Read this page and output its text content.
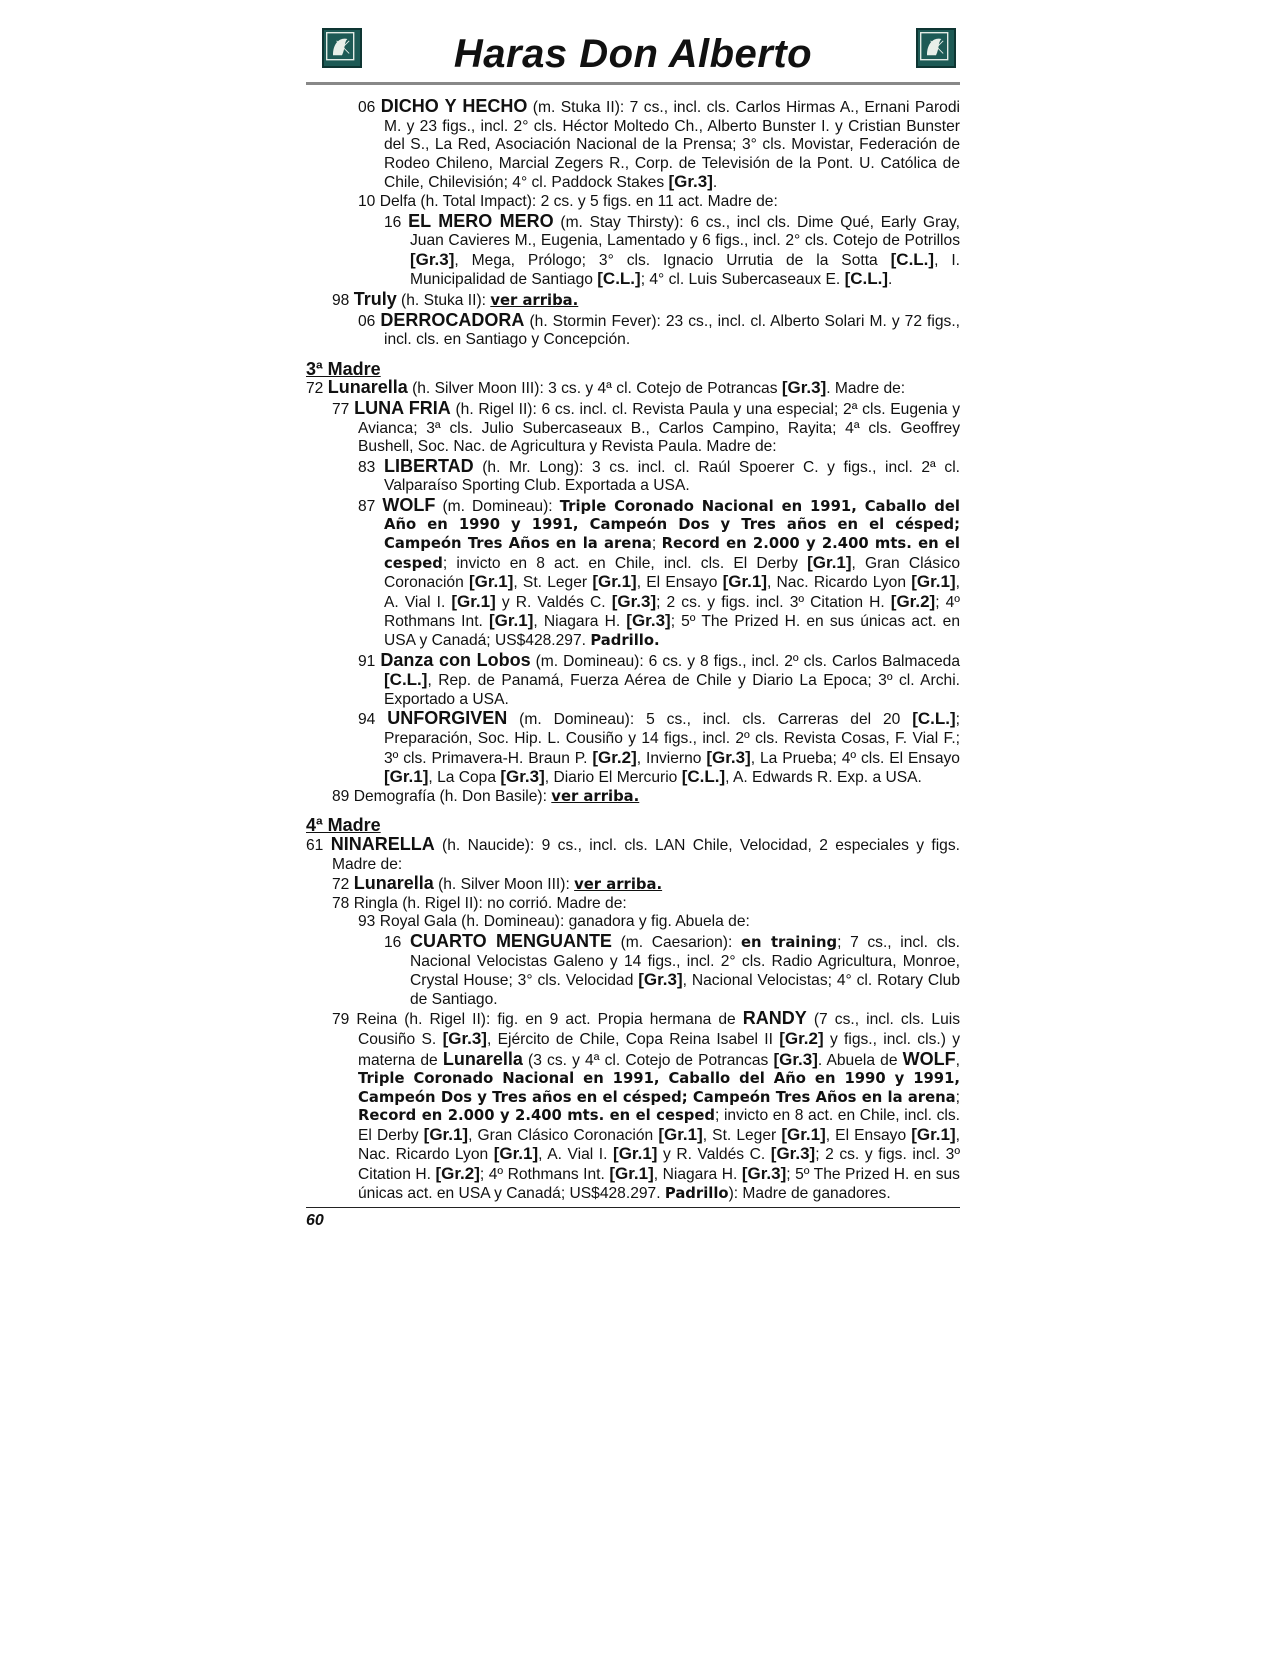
Haras Don Alberto
06 DICHO Y HECHO (m. Stuka II): 7 cs., incl. cls. Carlos Hirmas A., Ernani Parodi M. y 23 figs., incl. 2° cls. Héctor Moltedo Ch., Alberto Bunster I. y Cristian Bunster del S., La Red, Asociación Nacional de la Prensa; 3° cls. Movistar, Federación de Rodeo Chileno, Marcial Zegers R., Corp. de Televisión de la Pont. U. Católica de Chile, Chilevisión; 4° cl. Paddock Stakes [Gr.3].
10 Delfa (h. Total Impact): 2 cs. y 5 figs. en 11 act. Madre de:
16 EL MERO MERO (m. Stay Thirsty): 6 cs., incl cls. Dime Qué, Early Gray, Juan Cavieres M., Eugenia, Lamentado y 6 figs., incl. 2° cls. Cotejo de Potrillos [Gr.3], Mega, Prólogo; 3° cls. Ignacio Urrutia de la Sotta [C.L.], I. Municipalidad de Santiago [C.L.]; 4° cl. Luis Subercaseaux E. [C.L.].
98 Truly (h. Stuka II): ver arriba.
06 DERROCADORA (h. Stormin Fever): 23 cs., incl. cl. Alberto Solari M. y 72 figs., incl. cls. en Santiago y Concepción.
3ª Madre
72 Lunarella (h. Silver Moon III): 3 cs. y 4ª cl. Cotejo de Potrancas [Gr.3]. Madre de:
77 LUNA FRIA (h. Rigel II): 6 cs. incl. cl. Revista Paula y una especial; 2ª cls. Eugenia y Avianca; 3ª cls. Julio Subercaseaux B., Carlos Campino, Rayita; 4ª cls. Geoffrey Bushell, Soc. Nac. de Agricultura y Revista Paula. Madre de:
83 LIBERTAD (h. Mr. Long): 3 cs. incl. cl. Raúl Spoerer C. y figs., incl. 2ª cl. Valparaíso Sporting Club. Exportada a USA.
87 WOLF (m. Domineau): Triple Coronado Nacional en 1991, Caballo del Año en 1990 y 1991, Campeón Dos y Tres años en el césped; Campeón Tres Años en la arena; Record en 2.000 y 2.400 mts. en el cesped; invicto en 8 act. en Chile, incl. cls. El Derby [Gr.1], Gran Clásico Coronación [Gr.1], St. Leger [Gr.1], El Ensayo [Gr.1], Nac. Ricardo Lyon [Gr.1], A. Vial I. [Gr.1] y R. Valdés C. [Gr.3]; 2 cs. y figs. incl. 3º Citation H. [Gr.2]; 4º Rothmans Int. [Gr.1], Niagara H. [Gr.3]; 5º The Prized H. en sus únicas act. en USA y Canadá; US$428.297. Padrillo.
91 Danza con Lobos (m. Domineau): 6 cs. y 8 figs., incl. 2º cls. Carlos Balmaceda [C.L.], Rep. de Panamá, Fuerza Aérea de Chile y Diario La Epoca; 3º cl. Archi. Exportado a USA.
94 UNFORGIVEN (m. Domineau): 5 cs., incl. cls. Carreras del 20 [C.L.]; Preparación, Soc. Hip. L. Cousiño y 14 figs., incl. 2º cls. Revista Cosas, F. Vial F.; 3º cls. Primavera-H. Braun P. [Gr.2], Invierno [Gr.3], La Prueba; 4º cls. El Ensayo [Gr.1], La Copa [Gr.3], Diario El Mercurio [C.L.], A. Edwards R. Exp. a USA.
89 Demografía (h. Don Basile): ver arriba.
4ª Madre
61 NINARELLA (h. Naucide): 9 cs., incl. cls. LAN Chile, Velocidad, 2 especiales y figs. Madre de:
72 Lunarella (h. Silver Moon III): ver arriba.
78 Ringla (h. Rigel II): no corrió. Madre de:
93 Royal Gala (h. Domineau): ganadora y fig. Abuela de:
16 CUARTO MENGUANTE (m. Caesarion): en training; 7 cs., incl. cls. Nacional Velocistas Galeno y 14 figs., incl. 2° cls. Radio Agricultura, Monroe, Crystal House; 3° cls. Velocidad [Gr.3], Nacional Velocistas; 4° cl. Rotary Club de Santiago.
79 Reina (h. Rigel II): fig. en 9 act. Propia hermana de RANDY (7 cs., incl. cls. Luis Cousiño S. [Gr.3], Ejército de Chile, Copa Reina Isabel II [Gr.2] y figs., incl. cls.) y materna de Lunarella (3 cs. y 4ª cl. Cotejo de Potrancas [Gr.3]. Abuela de WOLF, Triple Coronado Nacional en 1991, Caballo del Año en 1990 y 1991, Campeón Dos y Tres años en el césped; Campeón Tres Años en la arena; Record en 2.000 y 2.400 mts. en el cesped; invicto en 8 act. en Chile, incl. cls. El Derby [Gr.1], Gran Clásico Coronación [Gr.1], St. Leger [Gr.1], El Ensayo [Gr.1], Nac. Ricardo Lyon [Gr.1], A. Vial I. [Gr.1] y R. Valdés C. [Gr.3]; 2 cs. y figs. incl. 3º Citation H. [Gr.2]; 4º Rothmans Int. [Gr.1], Niagara H. [Gr.3]; 5º The Prized H. en sus únicas act. en USA y Canadá; US$428.297. Padrillo): Madre de ganadores.
60
